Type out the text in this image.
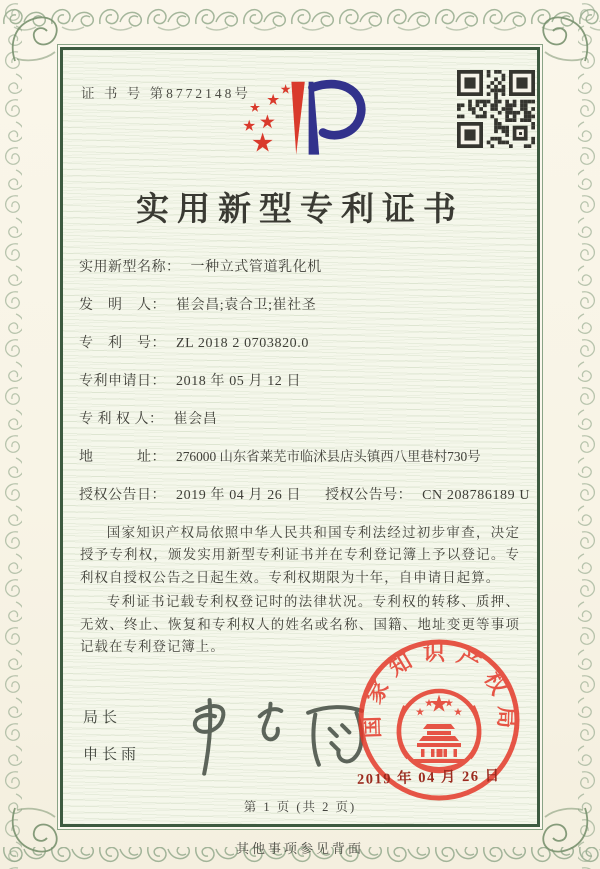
证 书 号 第8772148号
实用新型专利证书
实用新型名称： 一种立式管道乳化机
发　明　人： 崔会昌;袁合卫;崔社圣
专　利　号： ZL 2018 2 0703820.0
专利申请日： 2018 年 05 月 12 日
专 利 权 人： 崔会昌
地　　　址： 276000 山东省莱芜市临沭县店头镇西八里巷村730号
授权公告日： 2019 年 04 月 26 日 授权公告号： CN 208786189 U

国家知识产权局依照中华人民共和国专利法经过初步审查，决定授予专利权，颁发实用新型专利证书并在专利登记簿上予以登记。专利权自授权公告之日起生效。专利权期限为十年，自申请日起算。

专利证书记载专利权登记时的法律状况。专利权的转移、质押、无效、终止、恢复和专利权人的姓名或名称、国籍、地址变更等事项记载在专利登记簿上。

局长
申长雨
国家知识产权局
2019 年 04 月 26 日
第 1 页 (共 2 页)
其他事项参见背面
